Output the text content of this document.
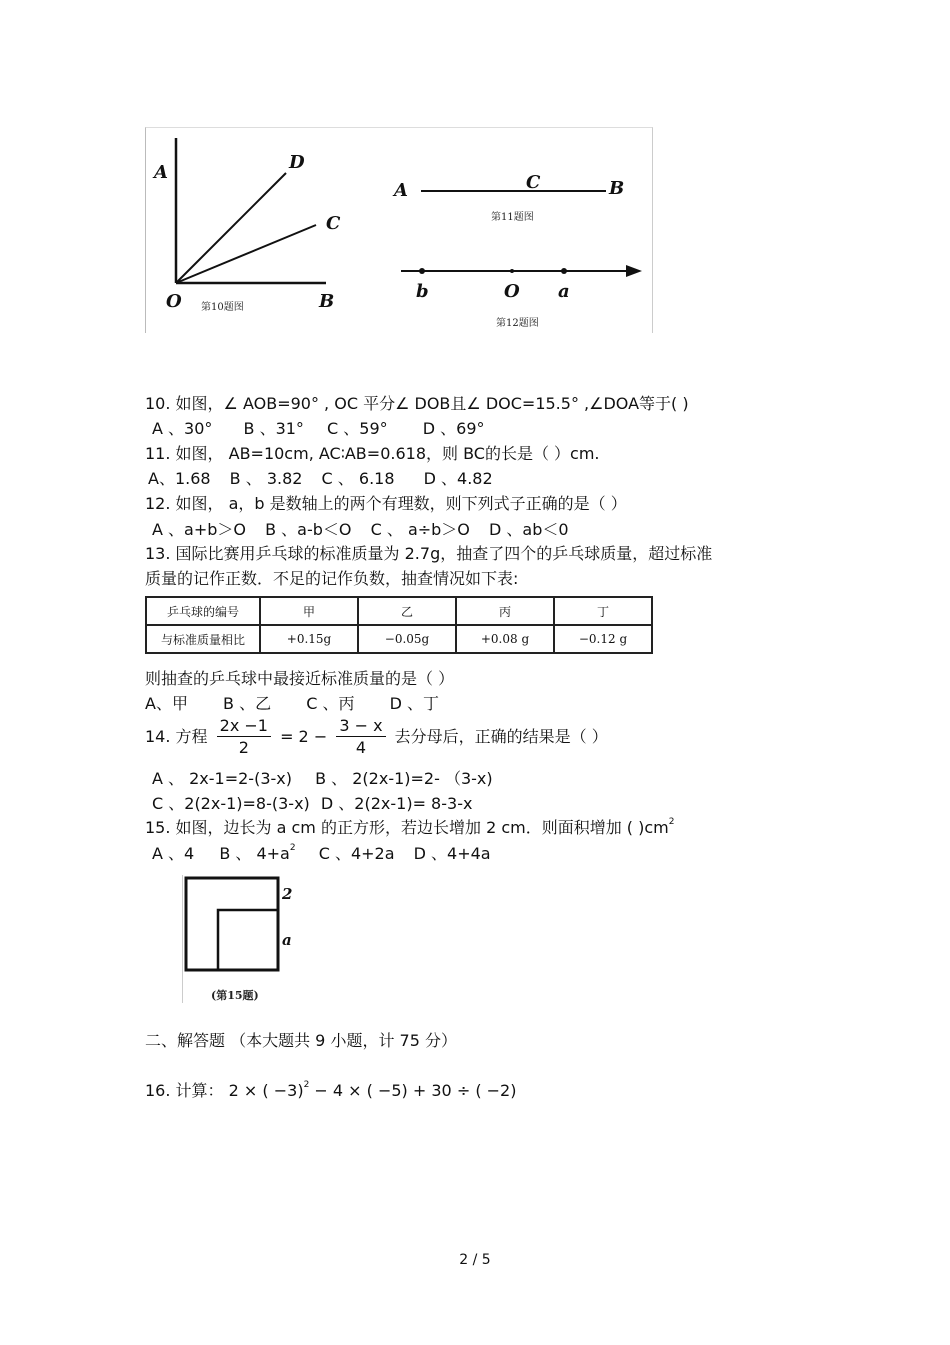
A	D
C
O	B
第10题图
A	C	B
第11题图
b	O a
第12题图
10. 如图，∠ AOB=90° , OC 平分∠ DOB且∠ DOC=15.5° ,∠DOA等于( )
A 、30° B 、31° C 、59° D 、69°
11. 如图， AB=10cm, AC∶AB=0.618，则 BC的长是（ ）cm.
A、1.68 B 、 3.82 C 、 6.18 D 、4.82
12. 如图， a，b 是数轴上的两个有理数，则下列式子正确的是（ ）
A 、a+b＞O B 、a-b＜O C 、 a÷b＞O D 、ab＜0
13. 国际比赛用乒乓球的标准质量为 2.7g，抽查了四个的乒乓球质量，超过标准
质量的记作正数．不足的记作负数，抽查情况如下表:
乒乓球的编号	甲	乙	丙	丁
与标准质量相比	+0.15g	−0.05g	+0.08 g	−0.12 g
则抽查的乒乓球中最接近标准质量的是（ ）
A、甲 B 、乙 C 、丙 D 、丁
14. 方程 $\frac{2x -1}{2} = 2 - \frac{3 - x}{4}$ 去分母后，正确的结果是（ ）
A 、 2x-1=2-(3-x) B 、 2(2x-1)=2- （3-x)
C 、2(2x-1)=8-(3-x) D 、2(2x-1)= 8-3-x
15. 如图，边长为 a cm 的正方形，若边长增加 2 cm．则面积增加 ( )$cm^2$
A 、4 B 、 $4+a^2$ C 、4+2a D 、4+4a
2
a
(第15题)
二、解答题 （本大题共 9 小题，计 75 分）
16. 计算： 2 × ( −3)$^2$ − 4 × ( −5) + 30 ÷ ( −2)
2 / 5
